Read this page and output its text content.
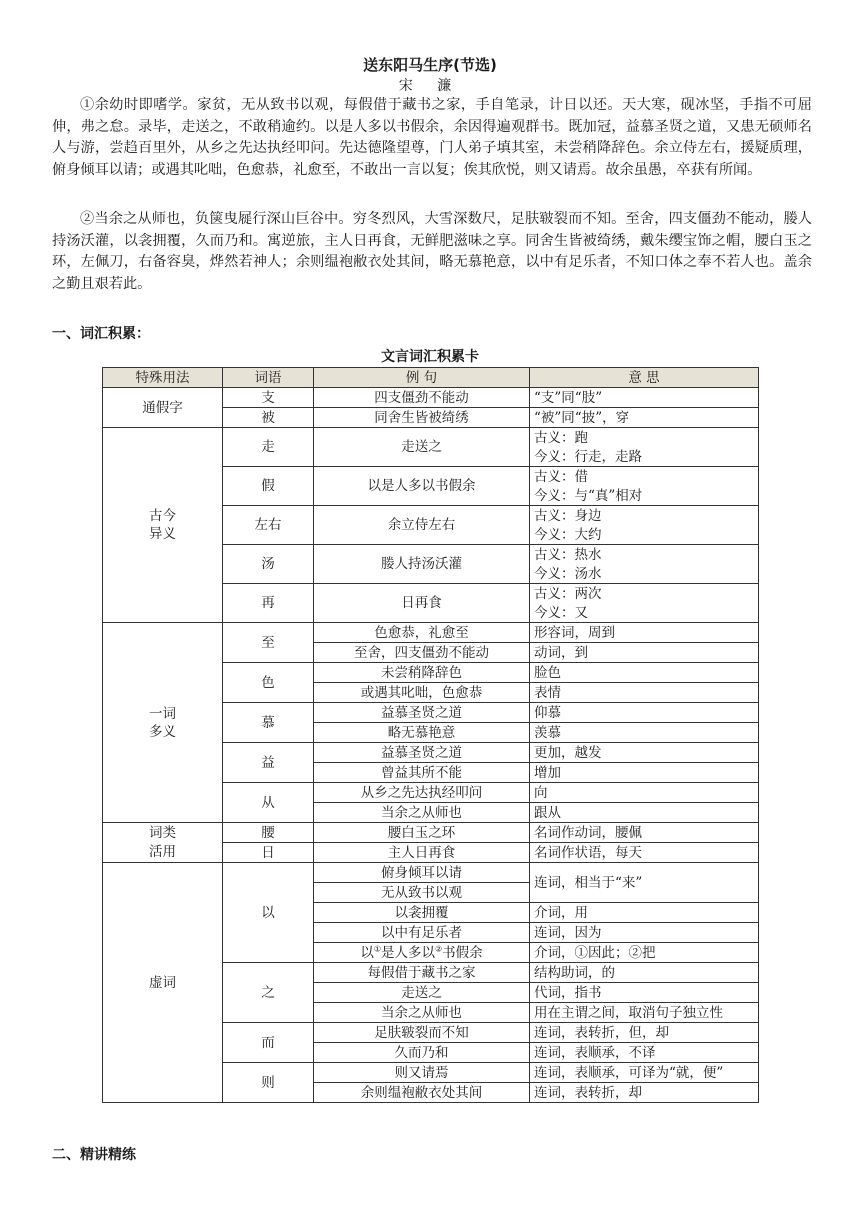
送东阳马生序(节选)
宋 濂
①余幼时即嗜学。家贫，无从致书以观，每假借于藏书之家，手自笔录，计日以还。天大寒，砚冰坚，手指不可屈伸，弗之怠。录毕，走送之，不敢稍逾约。以是人多以书假余，余因得遍观群书。既加冠，益慕圣贤之道，又患无硕师名人与游，尝趋百里外，从乡之先达执经叩问。先达德隆望尊，门人弟子填其室，未尝稍降辞色。余立侍左右，援疑质理，俯身倾耳以请；或遇其叱咄，色愈恭，礼愈至，不敢出一言以复；俟其欣悦，则又请焉。故余虽愚，卒获有所闻。
②当余之从师也，负箧曳屣行深山巨谷中。穷冬烈风，大雪深数尺，足肤皲裂而不知。至舍，四支僵劲不能动，媵人持汤沃灌，以衾拥覆，久而乃和。寓逆旅，主人日再食，无鲜肥滋味之享。同舍生皆被绮绣，戴朱缨宝饰之帽，腰白玉之环，左佩刀，右备容臭，烨然若神人；余则缊袍敝衣处其间，略无慕艳意，以中有足乐者，不知口体之奉不若人也。盖余之勤且艰若此。
一、词汇积累：
文言词汇积累卡
特殊用法	词语	例 句	意 思
通假字	支	四支僵劲不能动	“支”同“肢”
	被	同舍生皆被绮绣	“被”同“披”，穿
古今
异义	走	走送之	古义：跑
			今义：行走，走路
	假	以是人多以书假余	古义：借
			今义：与“真”相对
	左右	余立侍左右	古义：身边
			今义：大约
	汤	媵人持汤沃灌	古义：热水
			今义：汤水
	再	日再食	古义：两次
			今义：又
一词
多义	至	色愈恭，礼愈至	形容词，周到
		至舍，四支僵劲不能动	动词，到
	色	未尝稍降辞色	脸色
		或遇其叱咄，色愈恭	表情
	慕	益慕圣贤之道	仰慕
		略无慕艳意	羡慕
	益	益慕圣贤之道	更加，越发
		曾益其所不能	增加
	从	从乡之先达执经叩问	向
		当余之从师也	跟从
词类	腰	腰白玉之环	名词作动词，腰佩
活用	日	主人日再食	名词作状语，每天
虚词	以	俯身倾耳以请	连词，相当于“来”
		无从致书以观	
		以衾拥覆	介词，用
		以中有足乐者	连词，因为
		以①是人多以②书假余	介词，①因此；②把
	之	每假借于藏书之家	结构助词，的
		走送之	代词，指书
		当余之从师也	用在主谓之间，取消句子独立性
	而	足肤皲裂而不知	连词，表转折，但，却
		久而乃和	连词，表顺承，不译
	则	则又请焉	连词，表顺承，可译为“就，便”
		余则缊袍敝衣处其间	连词，表转折，却
二、精讲精练
